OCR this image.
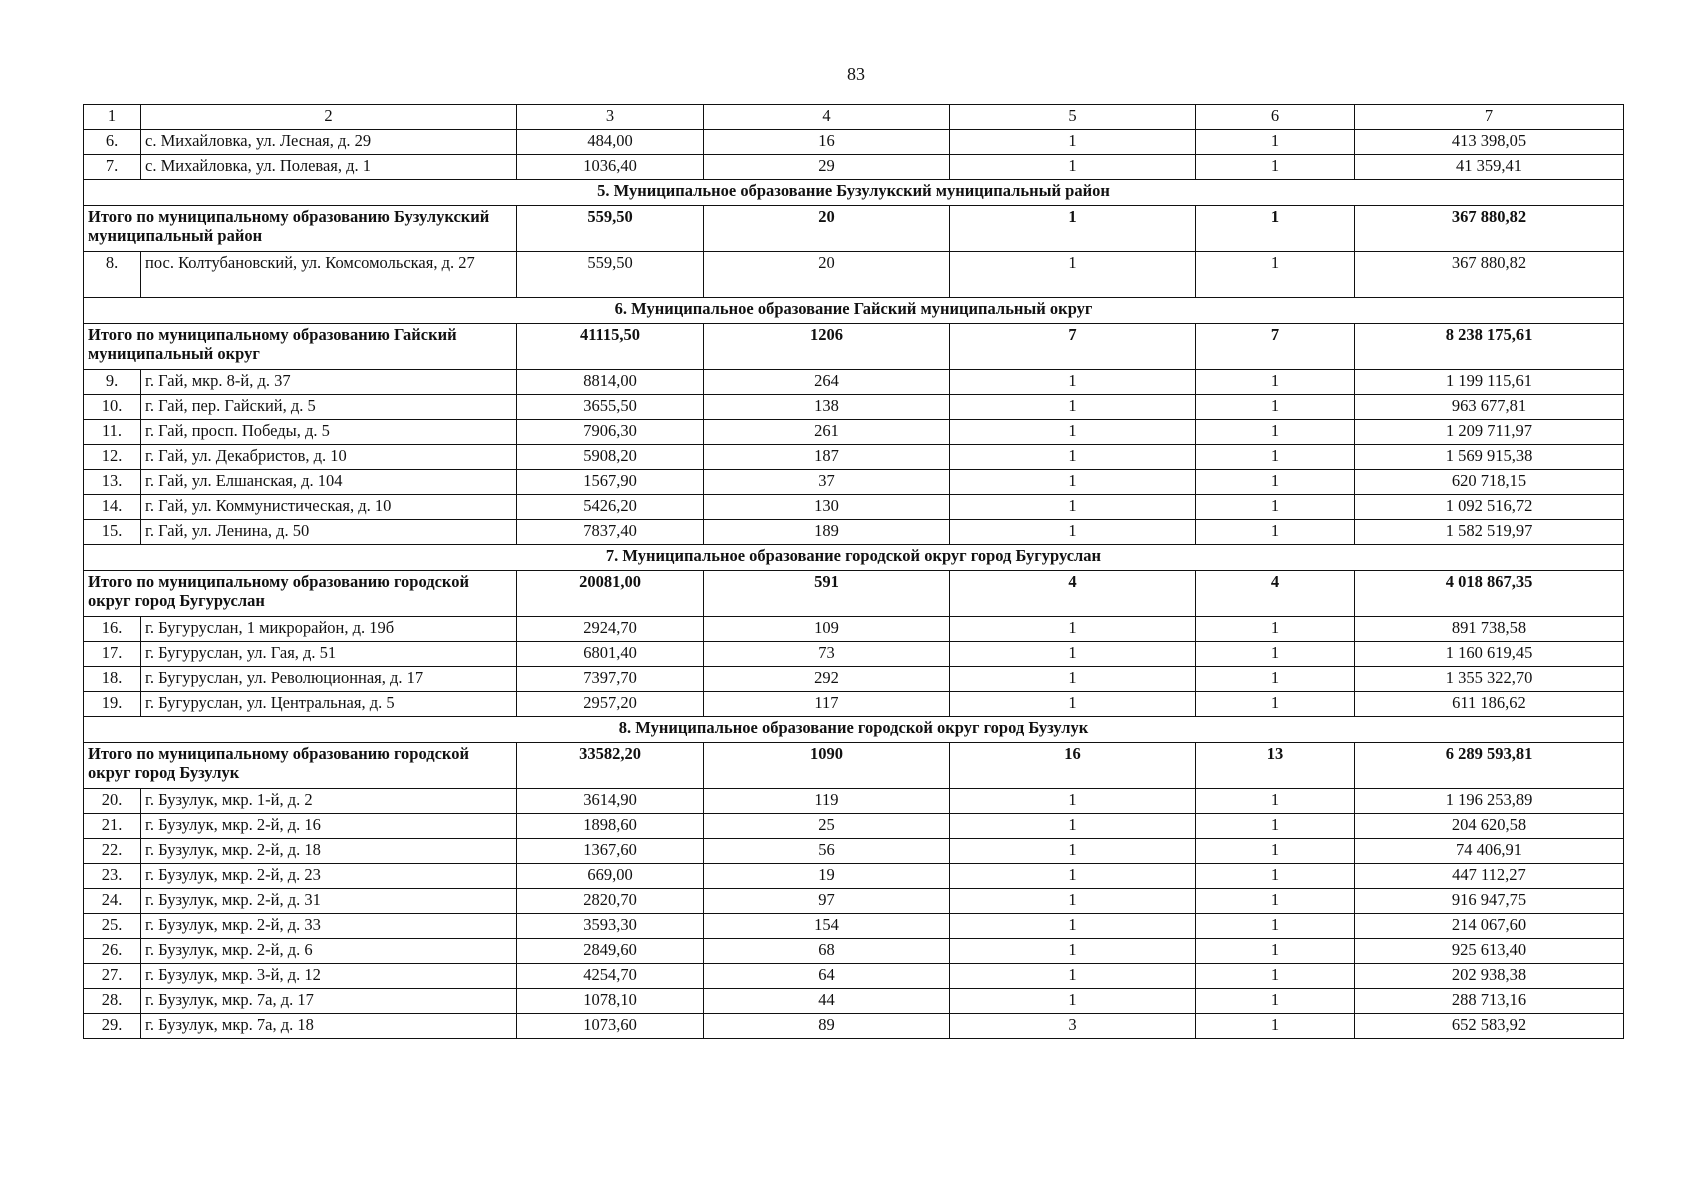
83
1	2	3	4	5	6	7
6.	с. Михайловка, ул. Лесная, д. 29	484,00	16	1	1	413 398,05
7.	с. Михайловка, ул. Полевая, д. 1	1036,40	29	1	1	41 359,41
5. Муниципальное образование Бузулукский муниципальный район						
Итого по муниципальному образованию Бузулукский муниципальный район		559,50	20	1	1	367 880,82
8.	пос. Колтубановский, ул. Комсомольская, д. 27	559,50	20	1	1	367 880,82
6. Муниципальное образование Гайский муниципальный округ						
Итого по муниципальному образованию Гайский муниципальный округ		41115,50	1206	7	7	8 238 175,61
9.	г. Гай, мкр. 8-й, д. 37	8814,00	264	1	1	1 199 115,61
10.	г. Гай, пер. Гайский, д. 5	3655,50	138	1	1	963 677,81
11.	г. Гай, просп. Победы, д. 5	7906,30	261	1	1	1 209 711,97
12.	г. Гай, ул. Декабристов, д. 10	5908,20	187	1	1	1 569 915,38
13.	г. Гай, ул. Елшанская, д. 104	1567,90	37	1	1	620 718,15
14.	г. Гай, ул. Коммунистическая, д. 10	5426,20	130	1	1	1 092 516,72
15.	г. Гай, ул. Ленина, д. 50	7837,40	189	1	1	1 582 519,97
7. Муниципальное образование городской округ город Бугуруслан						
Итого по муниципальному образованию городской округ город Бугуруслан		20081,00	591	4	4	4 018 867,35
16.	г. Бугуруслан, 1 микрорайон, д. 19б	2924,70	109	1	1	891 738,58
17.	г. Бугуруслан, ул. Гая, д. 51	6801,40	73	1	1	1 160 619,45
18.	г. Бугуруслан, ул. Революционная, д. 17	7397,70	292	1	1	1 355 322,70
19.	г. Бугуруслан, ул. Центральная, д. 5	2957,20	117	1	1	611 186,62
8. Муниципальное образование городской округ город Бузулук						
Итого по муниципальному образованию городской округ город Бузулук		33582,20	1090	16	13	6 289 593,81
20.	г. Бузулук, мкр. 1-й, д. 2	3614,90	119	1	1	1 196 253,89
21.	г. Бузулук, мкр. 2-й, д. 16	1898,60	25	1	1	204 620,58
22.	г. Бузулук, мкр. 2-й, д. 18	1367,60	56	1	1	74 406,91
23.	г. Бузулук, мкр. 2-й, д. 23	669,00	19	1	1	447 112,27
24.	г. Бузулук, мкр. 2-й, д. 31	2820,70	97	1	1	916 947,75
25.	г. Бузулук, мкр. 2-й, д. 33	3593,30	154	1	1	214 067,60
26.	г. Бузулук, мкр. 2-й, д. 6	2849,60	68	1	1	925 613,40
27.	г. Бузулук, мкр. 3-й, д. 12	4254,70	64	1	1	202 938,38
28.	г. Бузулук, мкр. 7а, д. 17	1078,10	44	1	1	288 713,16
29.	г. Бузулук, мкр. 7а, д. 18	1073,60	89	3	1	652 583,92
